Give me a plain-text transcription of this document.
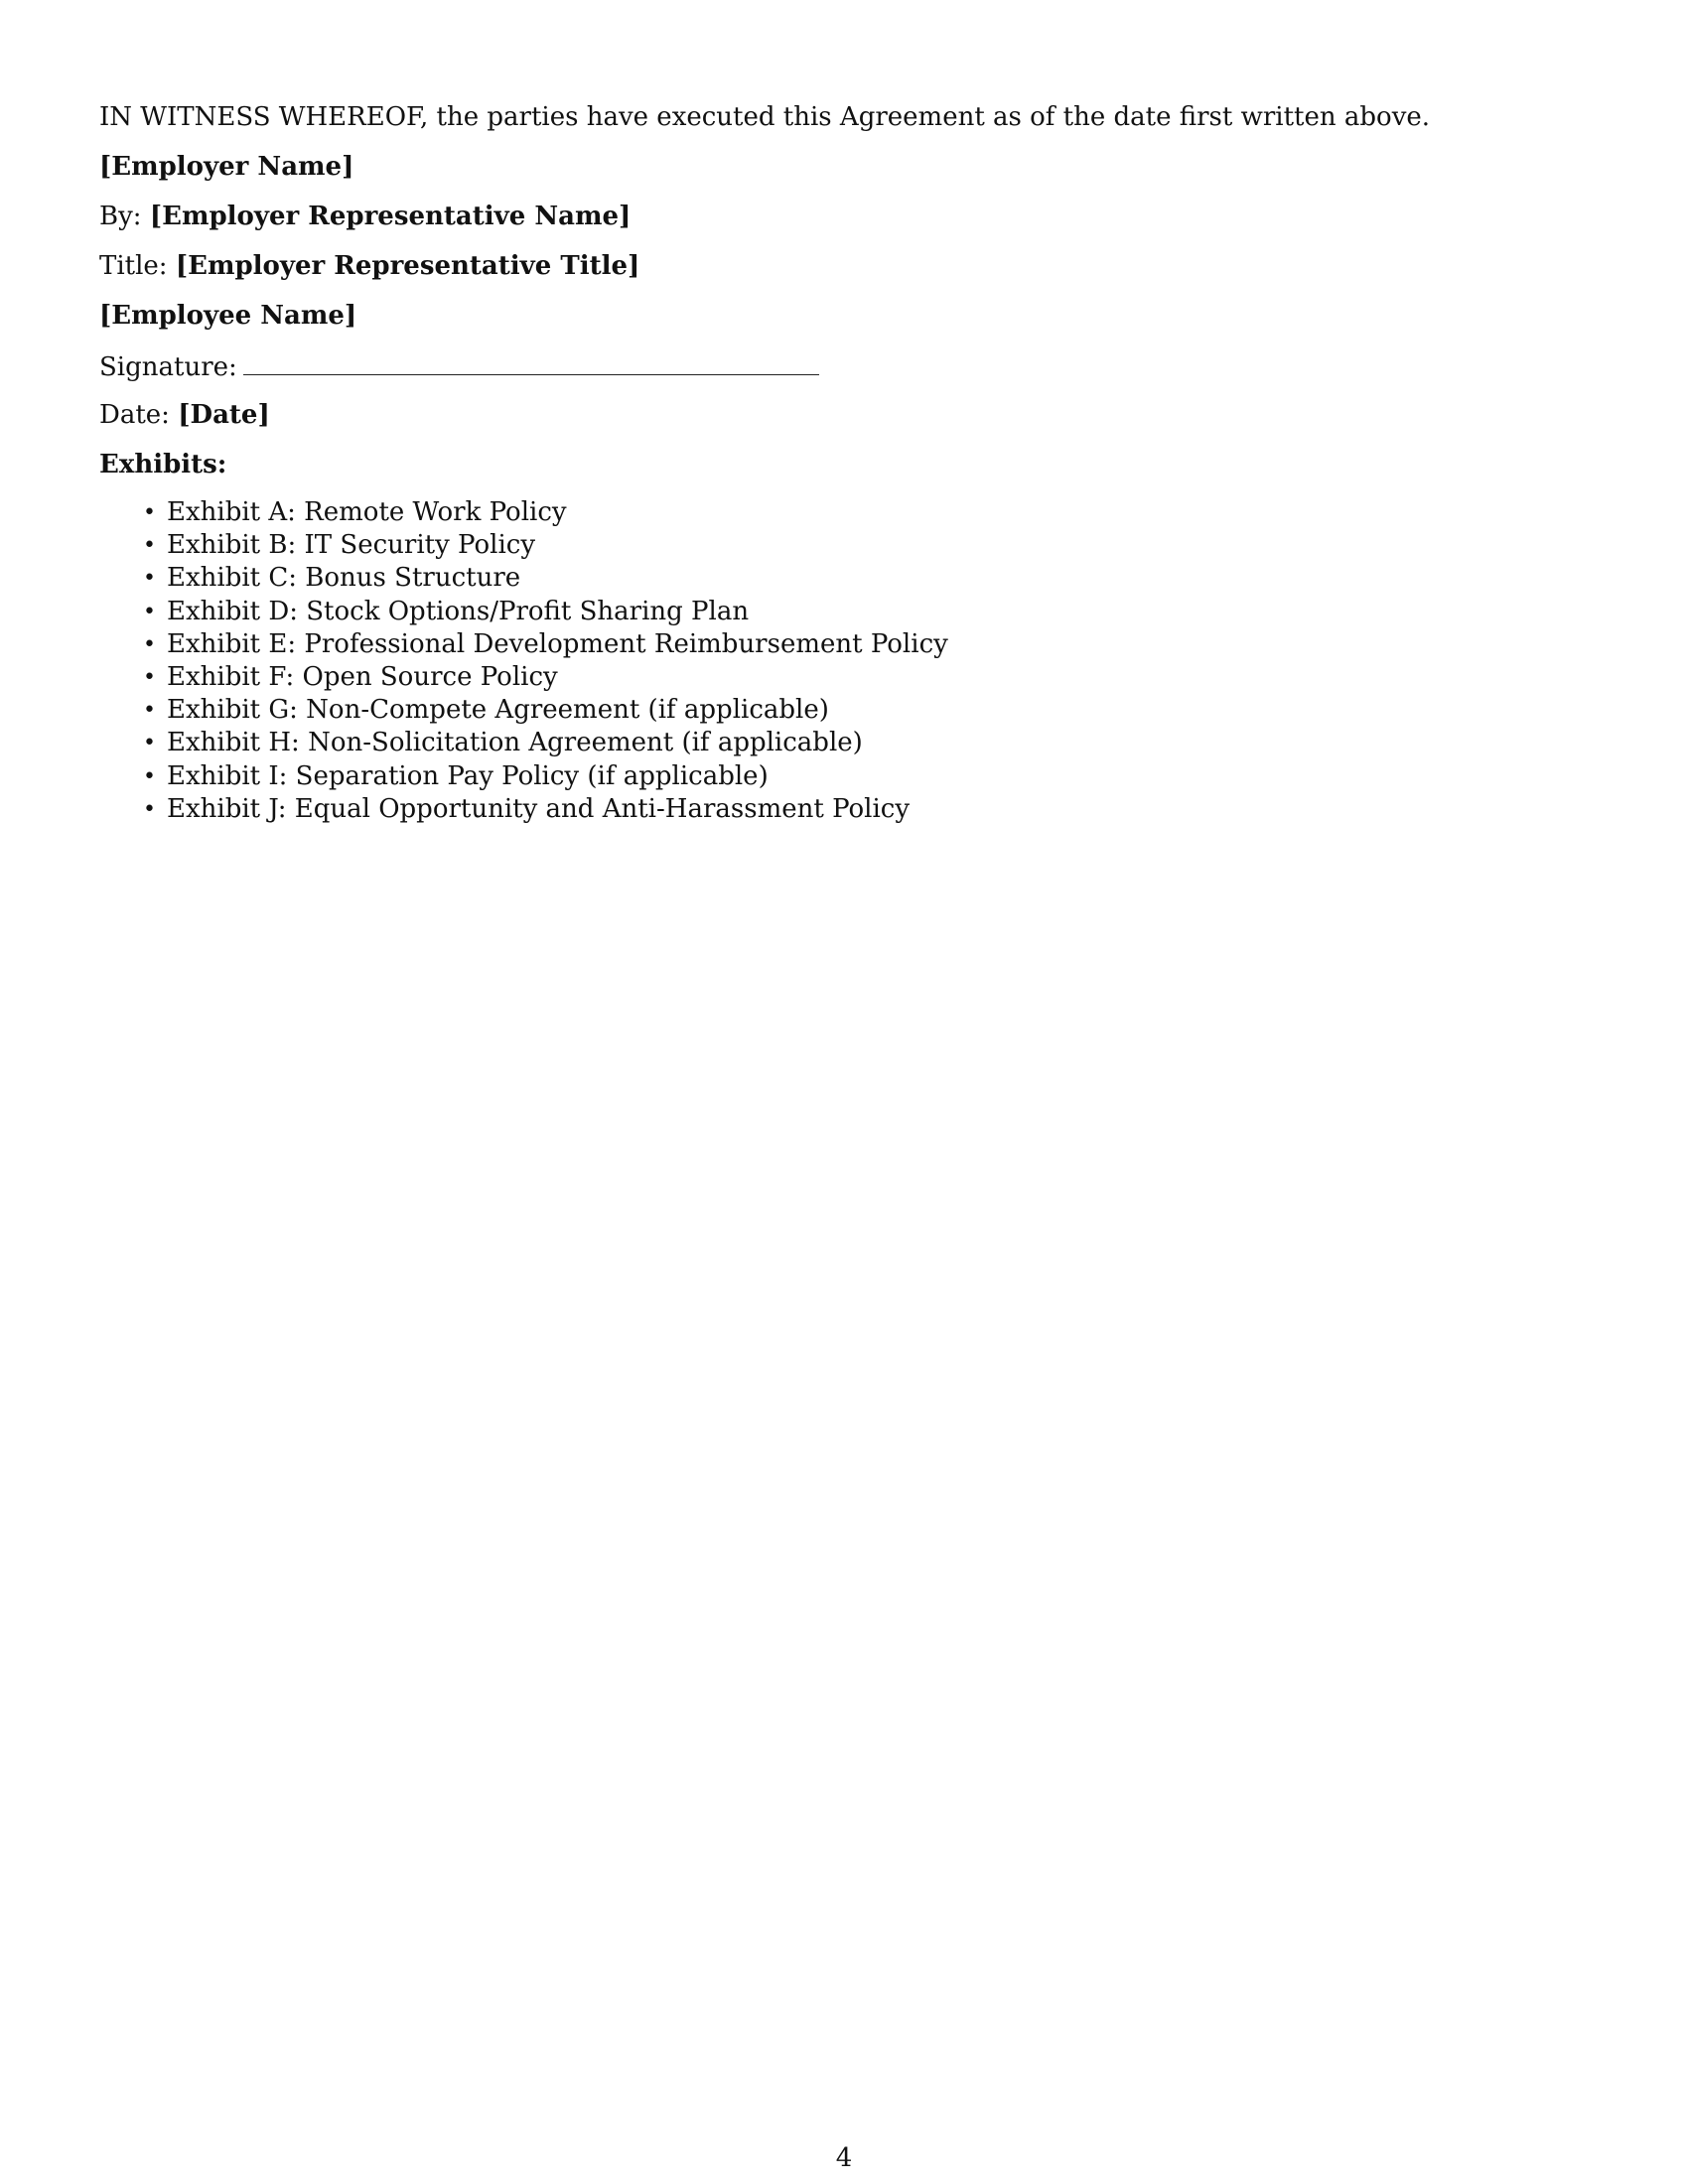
IN WITNESS WHEREOF, the parties have executed this Agreement as of the date first written above.
[Employer Name]
By: [Employer Representative Name]
Title: [Employer Representative Title]
[Employee Name]
Signature:
Date: [Date]
Exhibits:
• Exhibit A: Remote Work Policy
• Exhibit B: IT Security Policy
• Exhibit C: Bonus Structure
• Exhibit D: Stock Options/Profit Sharing Plan
• Exhibit E: Professional Development Reimbursement Policy
• Exhibit F: Open Source Policy
• Exhibit G: Non-Compete Agreement (if applicable)
• Exhibit H: Non-Solicitation Agreement (if applicable)
• Exhibit I: Separation Pay Policy (if applicable)
• Exhibit J: Equal Opportunity and Anti-Harassment Policy
4
